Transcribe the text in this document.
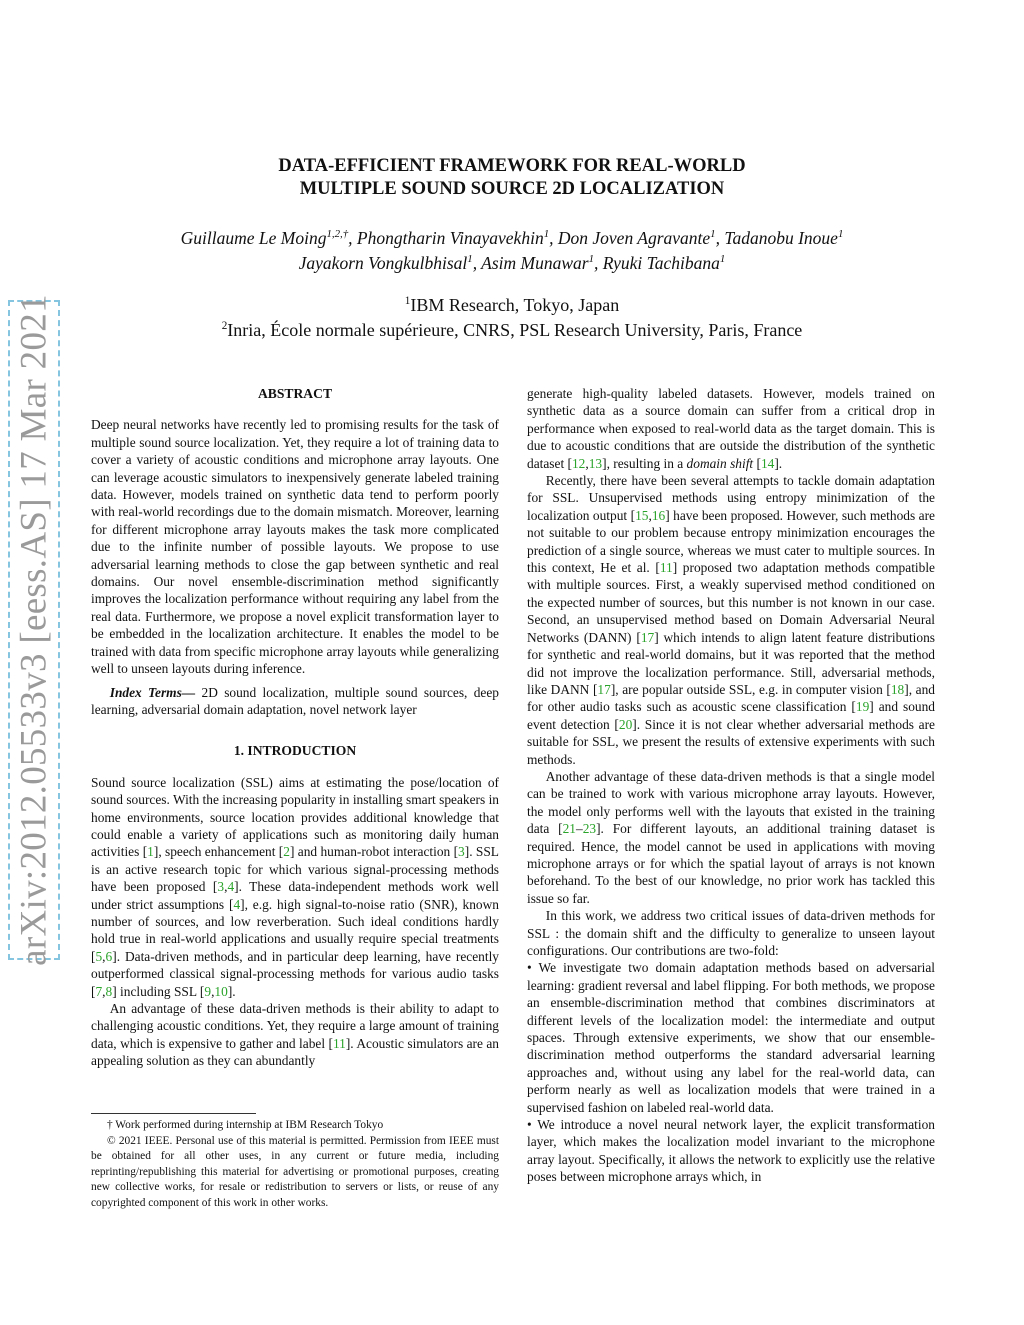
arXiv:2012.05533v3 [eess.AS] 17 Mar 2021
DATA-EFFICIENT FRAMEWORK FOR REAL-WORLD
MULTIPLE SOUND SOURCE 2D LOCALIZATION
Guillaume Le Moing$^{1,2,\dagger}$, Phongtharin Vinayavekhin$^1$, Don Joven Agravante$^1$, Tadanobu Inoue$^1$
Jayakorn Vongkulbhisal$^1$, Asim Munawar$^1$, Ryuki Tachibana$^1$
$^1$IBM Research, Tokyo, Japan
$^2$Inria, École normale supérieure, CNRS, PSL Research University, Paris, France
ABSTRACT

Deep neural networks have recently led to promising results for the task of multiple sound source localization. Yet, they require a lot of training data to cover a variety of acoustic conditions and microphone array layouts. One can leverage acoustic simulators to inexpensively generate labeled training data. However, models trained on synthetic data tend to perform poorly with real-world recordings due to the domain mismatch. Moreover, learning for different microphone array layouts makes the task more complicated due to the infinite number of possible layouts. We propose to use adversarial learning methods to close the gap between synthetic and real domains. Our novel ensemble-discrimination method significantly improves the localization performance without requiring any label from the real data. Furthermore, we propose a novel explicit transformation layer to be embedded in the localization architecture. It enables the model to be trained with data from specific microphone array layouts while generalizing well to unseen layouts during inference.

Index Terms— 2D sound localization, multiple sound sources, deep learning, adversarial domain adaptation, novel network layer

1. INTRODUCTION

Sound source localization (SSL) aims at estimating the pose/location of sound sources. With the increasing popularity in installing smart speakers in home environments, source location provides additional knowledge that could enable a variety of applications such as monitoring daily human activities [1], speech enhancement [2] and human-robot interaction [3]. SSL is an active research topic for which various signal-processing methods have been proposed [3,4]. These data-independent methods work well under strict assumptions [4], e.g. high signal-to-noise ratio (SNR), known number of sources, and low reverberation. Such ideal conditions hardly hold true in real-world applications and usually require special treatments [5,6]. Data-driven methods, and in particular deep learning, have recently outperformed classical signal-processing methods for various audio tasks [7,8] including SSL [9,10].

An advantage of these data-driven methods is their ability to adapt to challenging acoustic conditions. Yet, they require a large amount of training data, which is expensive to gather and label [11]. Acoustic simulators are an appealing solution as they can abundantly

† Work performed during internship at IBM Research Tokyo

© 2021 IEEE. Personal use of this material is permitted. Permission from IEEE must be obtained for all other uses, in any current or future media, including reprinting/republishing this material for advertising or promotional purposes, creating new collective works, for resale or redistribution to servers or lists, or reuse of any copyrighted component of this work in other works.

generate high-quality labeled datasets. However, models trained on synthetic data as a source domain can suffer from a critical drop in performance when exposed to real-world data as the target domain. This is due to acoustic conditions that are outside the distribution of the synthetic dataset [12,13], resulting in a domain shift [14].

Recently, there have been several attempts to tackle domain adaptation for SSL. Unsupervised methods using entropy minimization of the localization output [15,16] have been proposed. However, such methods are not suitable to our problem because entropy minimization encourages the prediction of a single source, whereas we must cater to multiple sources. In this context, He et al. [11] proposed two adaptation methods compatible with multiple sources. First, a weakly supervised method conditioned on the expected number of sources, but this number is not known in our case. Second, an unsupervised method based on Domain Adversarial Neural Networks (DANN) [17] which intends to align latent feature distributions for synthetic and real-world domains, but it was reported that the method did not improve the localization performance. Still, adversarial methods, like DANN [17], are popular outside SSL, e.g. in computer vision [18], and for other audio tasks such as acoustic scene classification [19] and sound event detection [20]. Since it is not clear whether adversarial methods are suitable for SSL, we present the results of extensive experiments with such methods.

Another advantage of these data-driven methods is that a single model can be trained to work with various microphone array layouts. However, the model only performs well with the layouts that existed in the training data [21–23]. For different layouts, an additional training dataset is required. Hence, the model cannot be used in applications with moving microphone arrays or for which the spatial layout of arrays is not known beforehand. To the best of our knowledge, no prior work has tackled this issue so far.

In this work, we address two critical issues of data-driven methods for SSL : the domain shift and the difficulty to generalize to unseen layout configurations. Our contributions are two-fold:

• We investigate two domain adaptation methods based on adversarial learning: gradient reversal and label flipping. For both methods, we propose an ensemble-discrimination method that combines discriminators at different levels of the localization model: the intermediate and output spaces. Through extensive experiments, we show that our ensemble-discrimination method outperforms the standard adversarial learning approaches and, without using any label for the real-world data, can perform nearly as well as localization models that were trained in a supervised fashion on labeled real-world data.

• We introduce a novel neural network layer, the explicit transformation layer, which makes the localization model invariant to the microphone array layout. Specifically, it allows the network to explicitly use the relative poses between microphone arrays which, in
